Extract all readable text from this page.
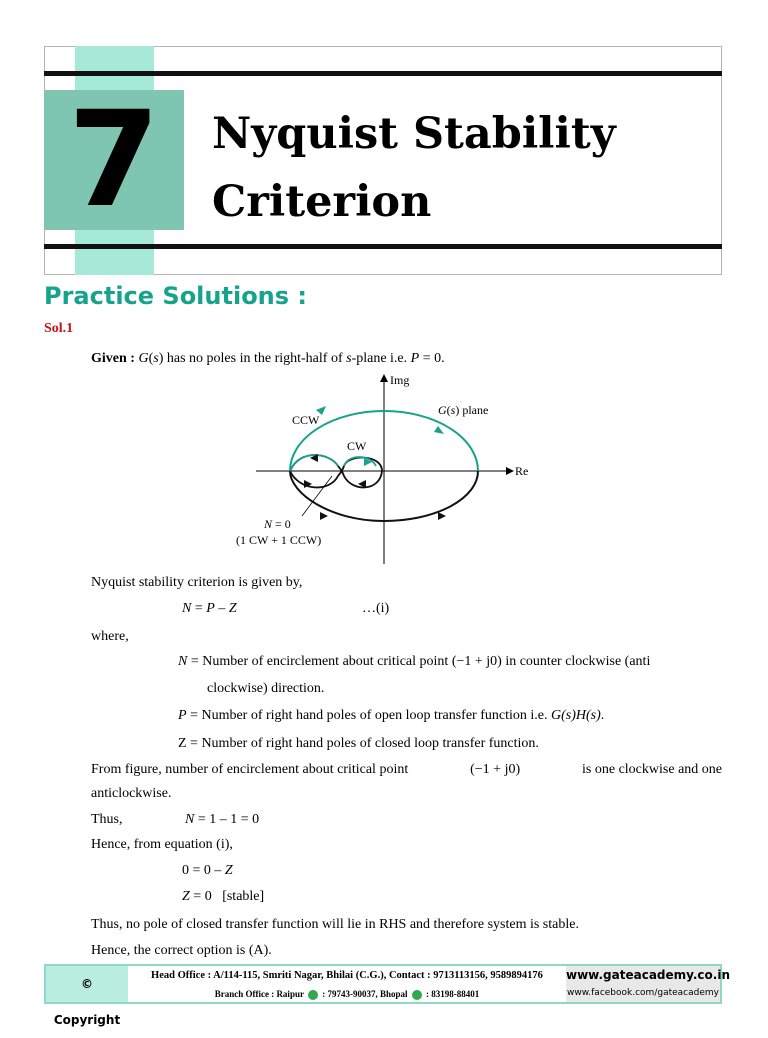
7	Nyquist Stability
Criterion
Practice Solutions :
Sol.1
Given : G(s) has no poles in the right-half of s-plane i.e. P = 0.
Img
Re
G(s) plane
CCW
CW
N = 0
(1 CW + 1 CCW)
Nyquist stability criterion is given by,
N = P – Z	…(i)
where,
N = Number of encirclement about critical point (−1 + j0) in counter clockwise (anti
clockwise) direction.
P = Number of right hand poles of open loop transfer function i.e. G(s)H(s).
Z = Number of right hand poles of closed loop transfer function.
From figure, number of encirclement about critical point	(−1 + j0)	is one clockwise and one
anticlockwise.
Thus,	N = 1 – 1 = 0
Hence, from equation (i),
0 = 0 – Z
Z = 0   [stable]
Thus, no pole of closed transfer function will lie in RHS and therefore system is stable.
Hence, the correct option is (A).
© Copyright
Head Office : A/114-115, Smriti Nagar, Bhilai (C.G.), Contact : 9713113156, 9589894176
Branch Office : Raipur : 79743-90037, Bhopal : 83198-88401
www.gateacademy.co.in
www.facebook.com/gateacademy
